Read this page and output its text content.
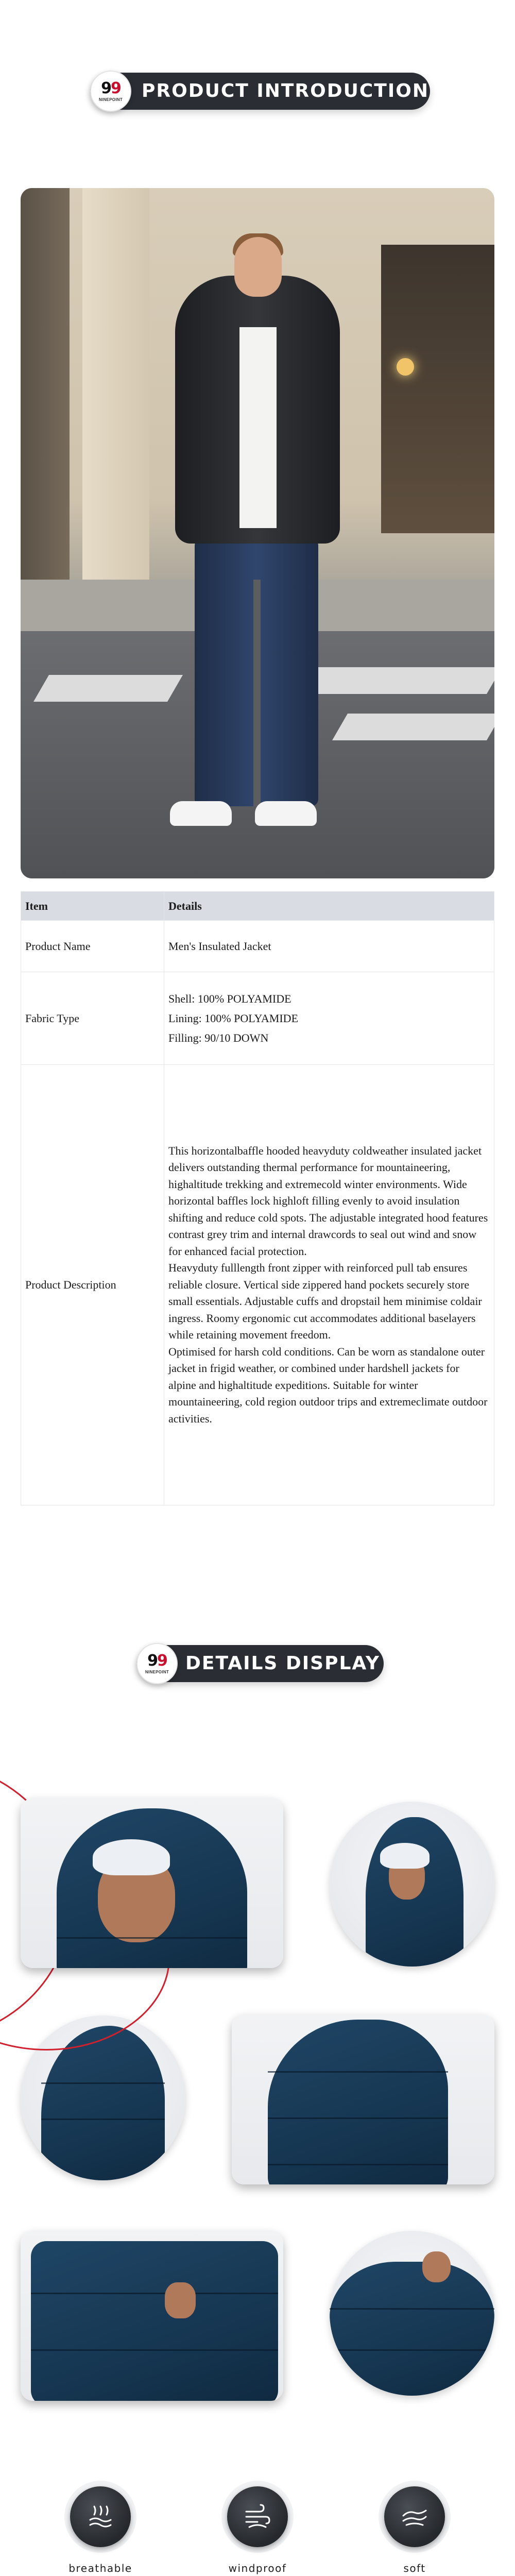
99
NINEPOINT PRODUCT INTRODUCTION
Item	Details
Product Name	Men's Insulated Jacket
Fabric Type	Shell: 100% POLYAMIDE
Lining: 100% POLYAMIDE
Filling: 90/10 DOWN

Product Description	This horizontalbaffle hooded heavyduty coldweather insulated jacket delivers outstanding thermal performance for mountaineering, highaltitude trekking and extremecold winter environments. Wide horizontal baffles lock highloft filling evenly to avoid insulation shifting and reduce cold spots. The adjustable integrated hood features contrast grey trim and internal drawcords to seal out wind and snow for enhanced facial protection.
Heavyduty fulllength front zipper with reinforced pull tab ensures reliable closure. Vertical side zippered hand pockets securely store small essentials. Adjustable cuffs and dropstail hem minimise coldair ingress. Roomy ergonomic cut accommodates additional baselayers while retaining movement freedom.
Optimised for harsh cold conditions. Can be worn as standalone outer jacket in frigid weather, or combined under hardshell jackets for alpine and highaltitude expeditions. Suitable for winter mountaineering, cold region outdoor trips and extremeclimate outdoor activities.
99
NINEPOINT DETAILS DISPLAY
breathable	windproof	soft
